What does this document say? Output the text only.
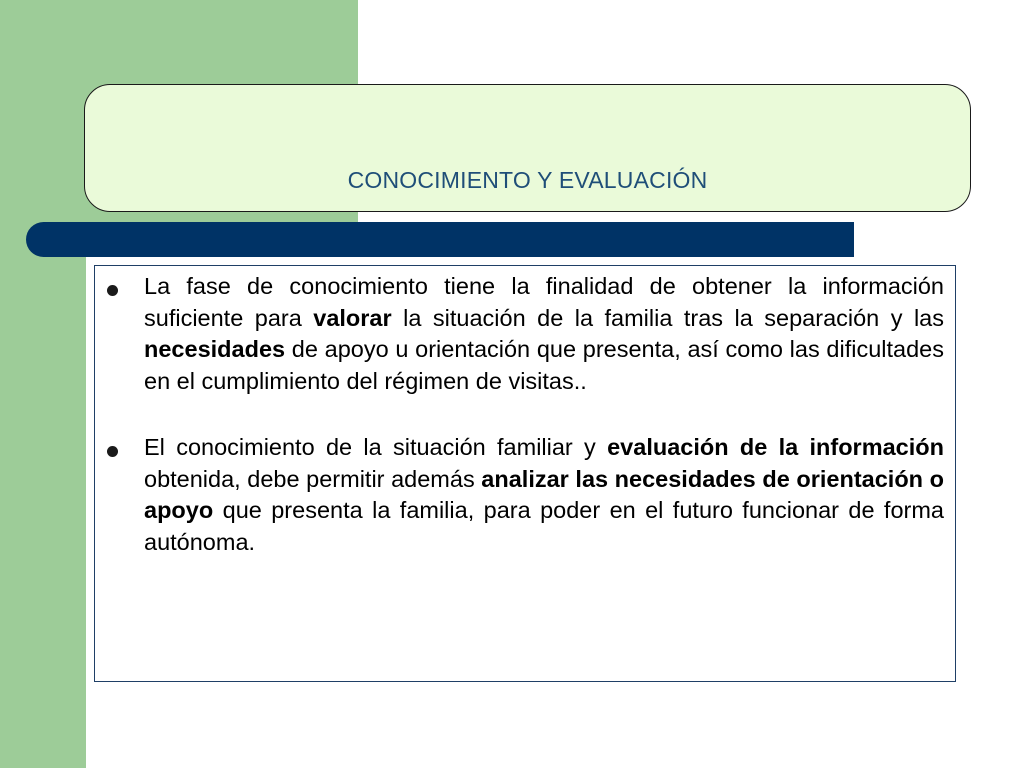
CONOCIMIENTO Y EVALUACIÓN
La fase de conocimiento tiene la finalidad de obtener la información suficiente para valorar la situación de la familia tras la separación y las necesidades de apoyo u orientación que presenta, así como las dificultades en el cumplimiento del régimen de visitas..
El conocimiento de la situación familiar y evaluación de la información obtenida, debe permitir además analizar las necesidades de orientación o apoyo que presenta la familia, para poder en el futuro funcionar de forma autónoma.
